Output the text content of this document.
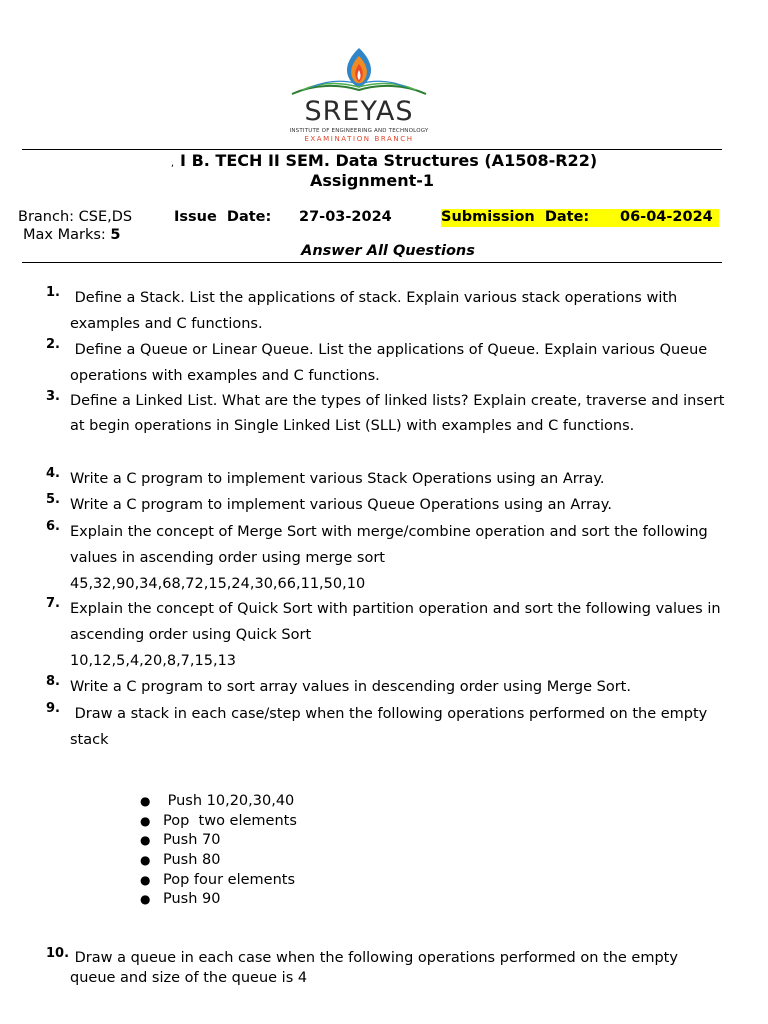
SREYAS
INSTITUTE OF ENGINEERING AND TECHNOLOGY
EXAMINATION BRANCH
, I B. TECH II SEM. Data Structures (A1508-R22)
Assignment-1
Branch: CSE,DS	Issue  Date: 27-03-2024	Submission  Date: 06-04-2024
Max Marks: 5
Answer All Questions
1. Define a Stack. List the applications of stack. Explain various stack operations with examples and C functions.
2. Define a Queue or Linear Queue. List the applications of Queue. Explain various Queue operations with examples and C functions.
3. Define a Linked List. What are the types of linked lists? Explain create, traverse and insert at begin operations in Single Linked List (SLL) with examples and C functions.
4. Write a C program to implement various Stack Operations using an Array.
5. Write a C program to implement various Queue Operations using an Array.
6. Explain the concept of Merge Sort with merge/combine operation and sort the following values in ascending order using merge sort
45,32,90,34,68,72,15,24,30,66,11,50,10
7. Explain the concept of Quick Sort with partition operation and sort the following values in ascending order using Quick Sort
10,12,5,4,20,8,7,15,13
8. Write a C program to sort array values in descending order using Merge Sort.
9. Draw a stack in each case/step when the following operations performed on the empty stack
● Push 10,20,30,40
● Pop  two elements
● Push 70
● Push 80
● Pop four elements
● Push 90
10. Draw a queue in each case when the following operations performed on the empty queue and size of the queue is 4
